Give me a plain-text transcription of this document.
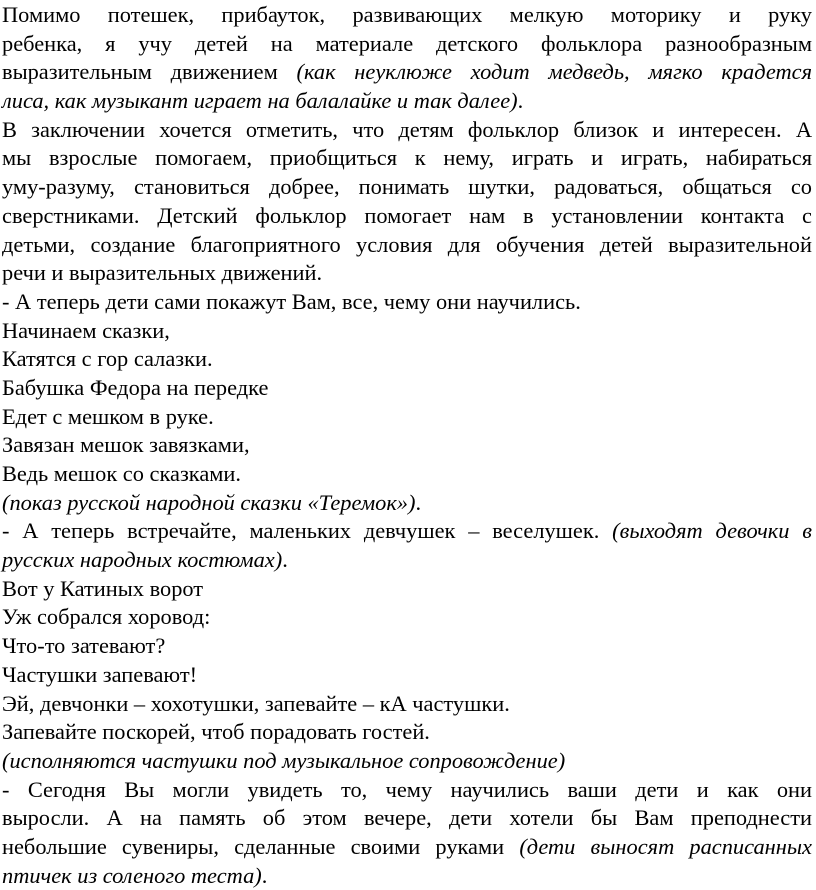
Помимо потешек, прибауток, развивающих мелкую моторику и руку
ребенка, я учу детей на материале детского фольклора разнообразным
выразительным движением (как неуклюже ходит медведь, мягко крадется
лиса, как музыкант играет на балалайке и так далее).
В заключении хочется отметить, что детям фольклор близок и интересен. А
мы взрослые помогаем, приобщиться к нему, играть и играть, набираться
уму-разуму, становиться добрее, понимать шутки, радоваться, общаться со
сверстниками. Детский фольклор помогает нам в установлении контакта с
детьми, создание благоприятного условия для обучения детей выразительной
речи и выразительных движений.
- А теперь дети сами покажут Вам, все, чему они научились.
Начинаем сказки,
Катятся с гор салазки.
Бабушка Федора на передке
Едет с мешком в руке.
Завязан мешок завязками,
Ведь мешок со сказками.
(показ русской народной сказки «Теремок»).
- А теперь встречайте, маленьких девчушек – веселушек. (выходят девочки в
русских народных костюмах).
Вот у Катиных ворот
Уж собрался хоровод:
Что-то затевают?
Частушки запевают!
Эй, девчонки – хохотушки, запевайте – кА частушки.
Запевайте поскорей, чтоб порадовать гостей.
(исполняются частушки под музыкальное сопровождение)
- Сегодня Вы могли увидеть то, чему научились ваши дети и как они
выросли. А на память об этом вечере, дети хотели бы Вам преподнести
небольшие сувениры, сделанные своими руками (дети выносят расписанных
птичек из соленого теста).
